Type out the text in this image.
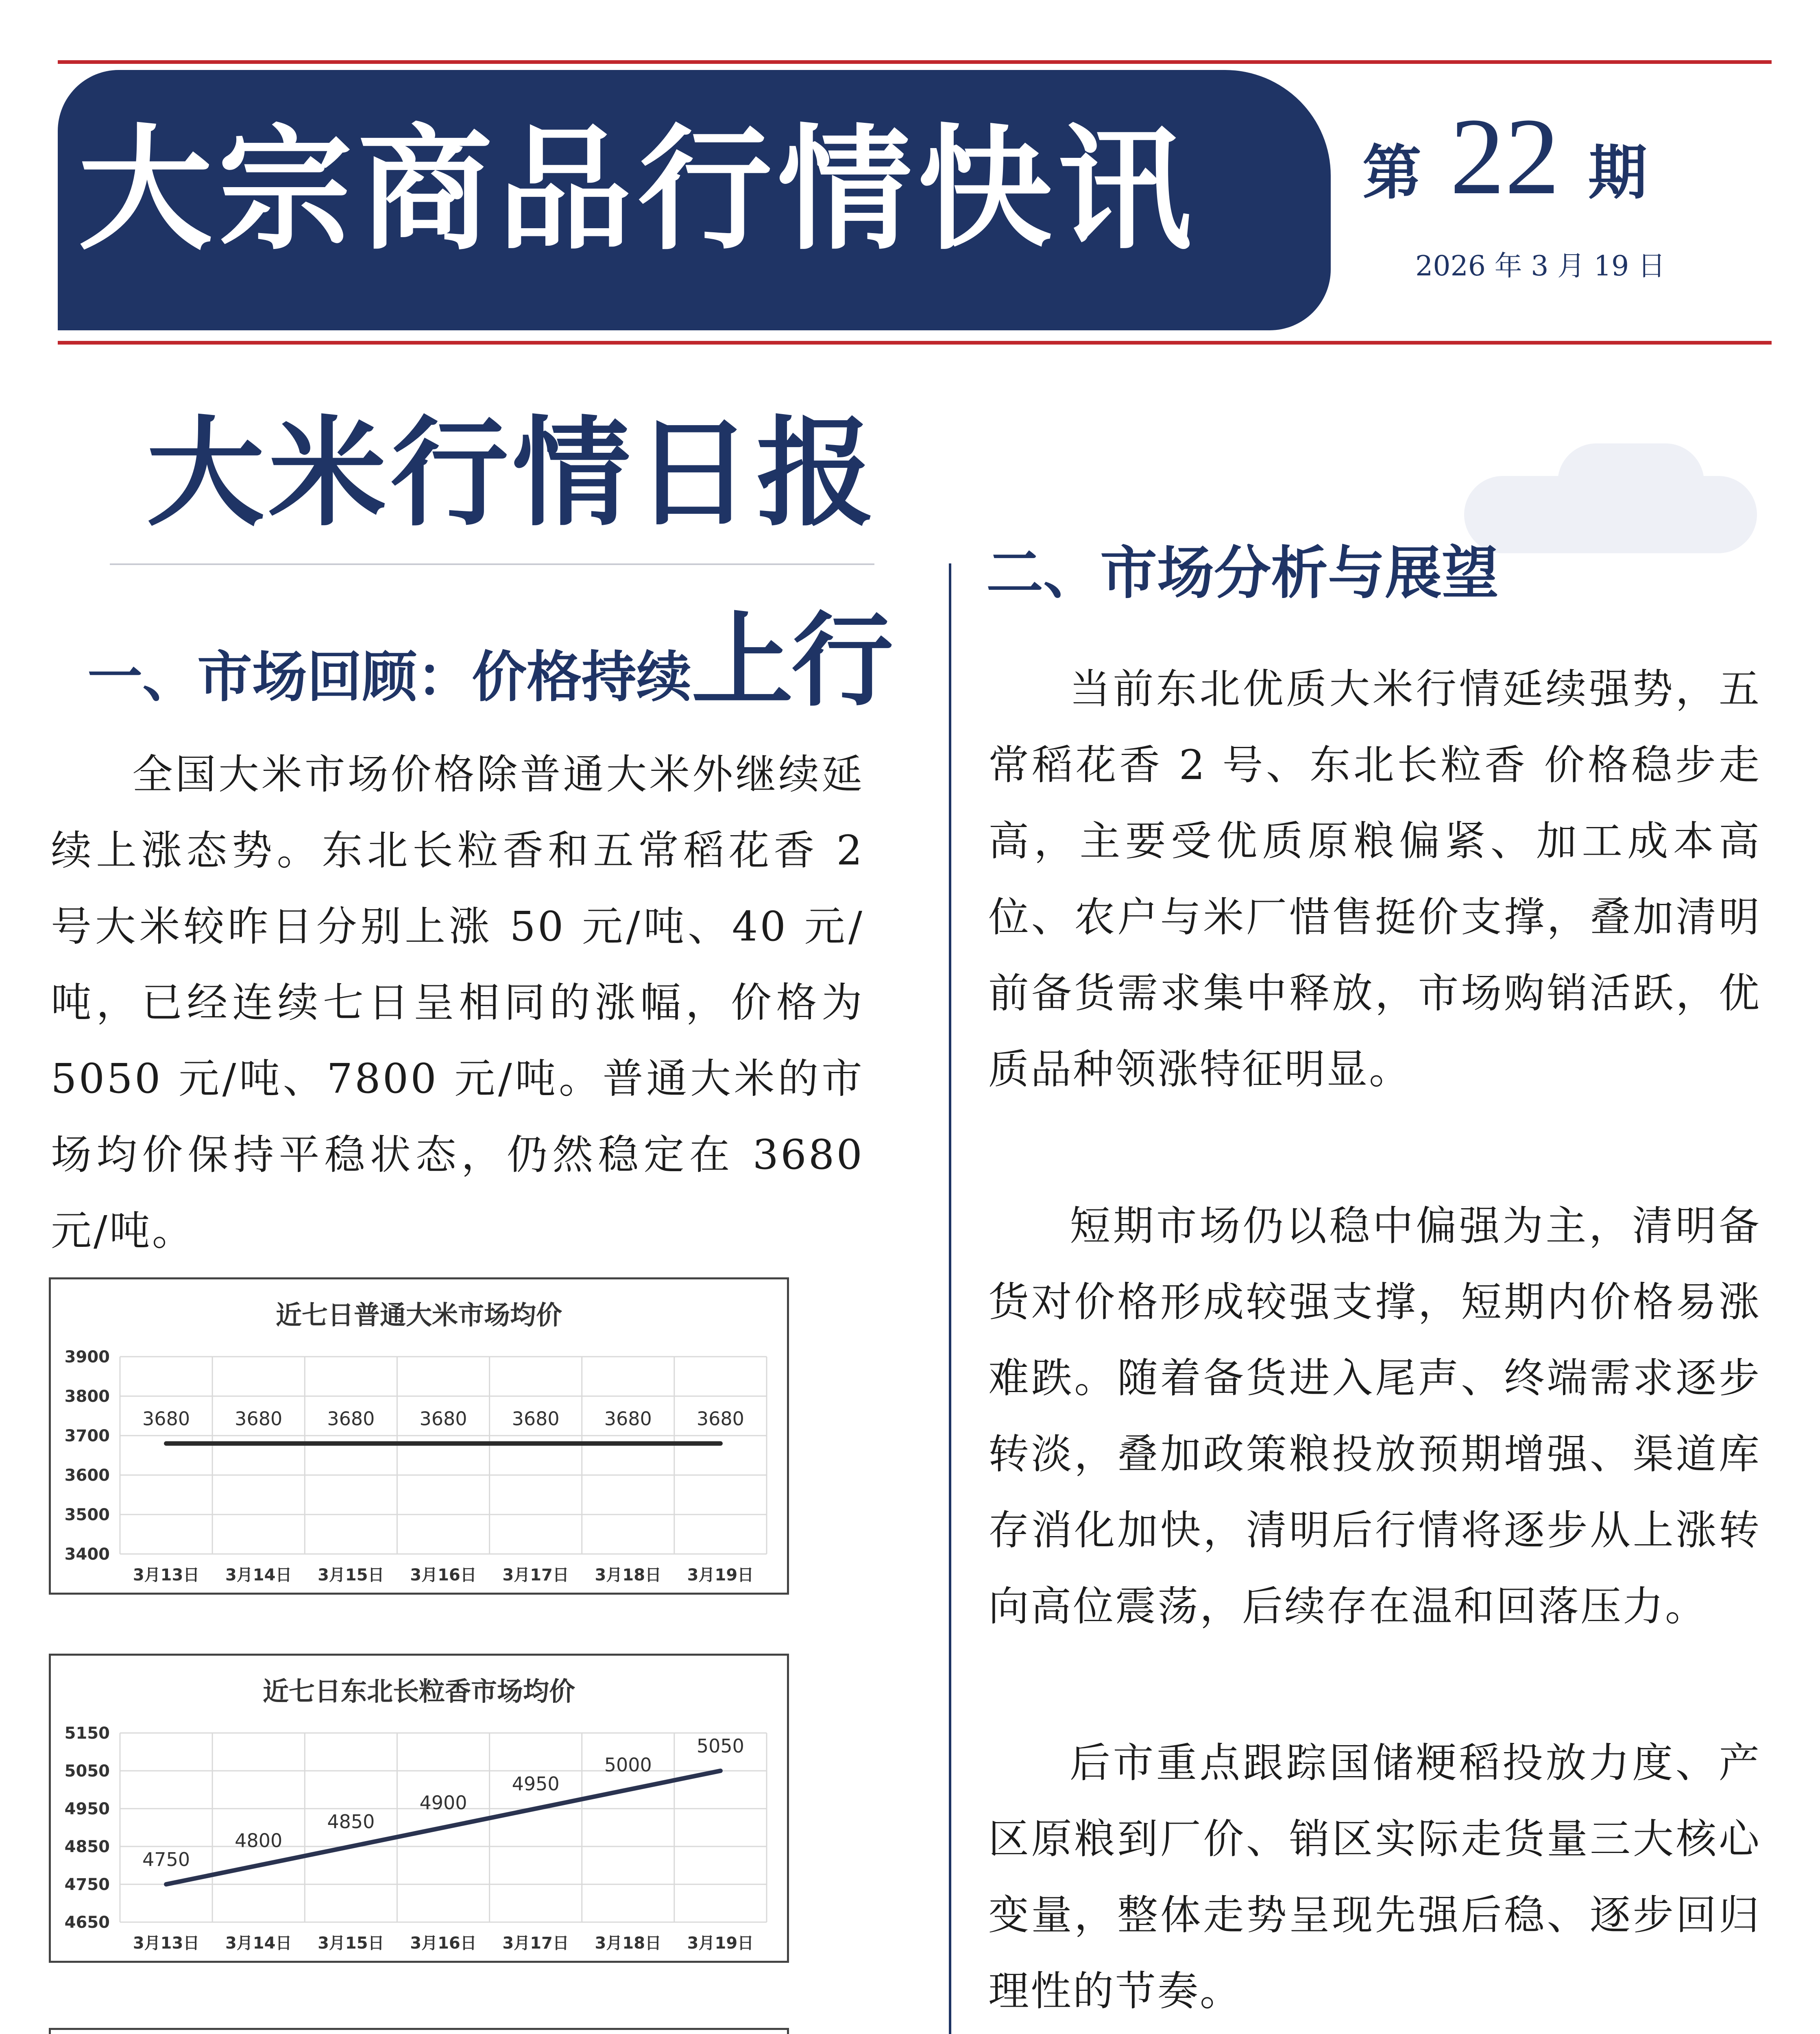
大宗商品行情快讯	第 22 期
2026 年 3 月 19 日
大米行情日报
一、市场回顾：价格持续上行

全国大米市场价格除普通大米外继续延续上涨态势。东北长粒香和五常稻花香 2 号大米较昨日分别上涨 50 元/吨、40 元/吨，已经连续七日呈相同的涨幅，价格为 5050 元/吨、7800 元/吨。普通大米的市场均价保持平稳状态，仍然稳定在 3680 元/吨。

近七日普通大米市场均价
3400
3500
3600
3700
3800
3900
3月13日 3月14日 3月15日 3月16日 3月17日 3月18日 3月19日
3680 3680 3680 3680 3680 3680 3680
近七日东北长粒香市场均价
4650
4750
4850
4950
5050
5150
3月13日 3月14日 3月15日 3月16日 3月17日 3月18日 3月19日
4750
4800
4850
4900
4950
5000
5050
二、市场分析与展望

当前东北优质大米行情延续强势，五常稻花香 2 号、东北长粒香 价格稳步走高，主要受优质原粮偏紧、加工成本高位、农户与米厂惜售挺价支撑，叠加清明前备货需求集中释放，市场购销活跃，优质品种领涨特征明显。

短期市场仍以稳中偏强为主，清明备货对价格形成较强支撑，短期内价格易涨难跌。随着备货进入尾声、终端需求逐步转淡，叠加政策粮投放预期增强、渠道库存消化加快，清明后行情将逐步从上涨转向高位震荡，后续存在温和回落压力。

后市重点跟踪国储粳稻投放力度、产区原粮到厂价、销区实际走货量三大核心变量，整体走势呈现先强后稳、逐步回归理性的节奏。
